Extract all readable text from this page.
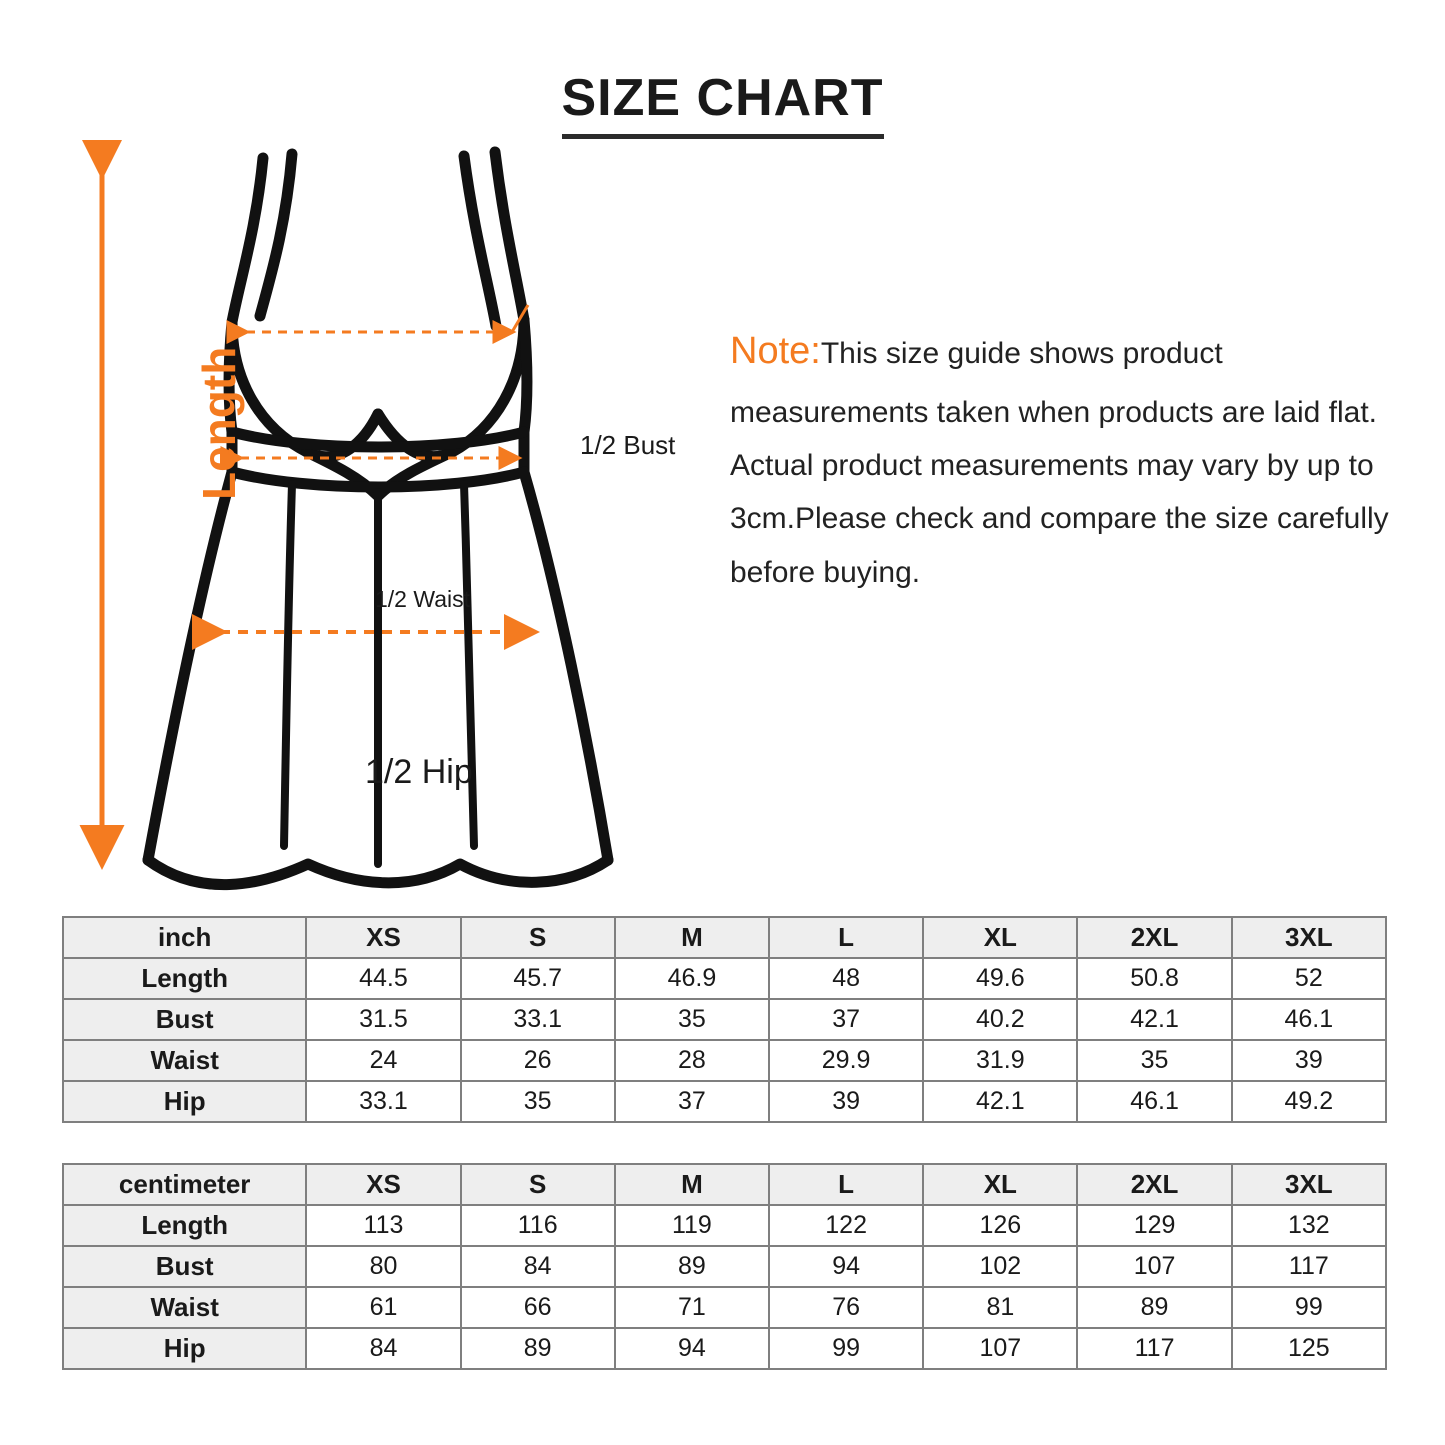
SIZE CHART
Length	1/2 Bust
1/2 Waist
1/2 Hip
Note:This size guide shows product measurements taken when products are laid flat. Actual product measurements may vary by up to 3cm.Please check and compare the size carefully before buying.
inch	XS	S	M	L	XL	2XL	3XL
Length	44.5	45.7	46.9	48	49.6	50.8	52
Bust	31.5	33.1	35	37	40.2	42.1	46.1
Waist	24	26	28	29.9	31.9	35	39
Hip	33.1	35	37	39	42.1	46.1	49.2
centimeter	XS	S	M	L	XL	2XL	3XL
Length	113	116	119	122	126	129	132
Bust	80	84	89	94	102	107	117
Waist	61	66	71	76	81	89	99
Hip	84	89	94	99	107	117	125
